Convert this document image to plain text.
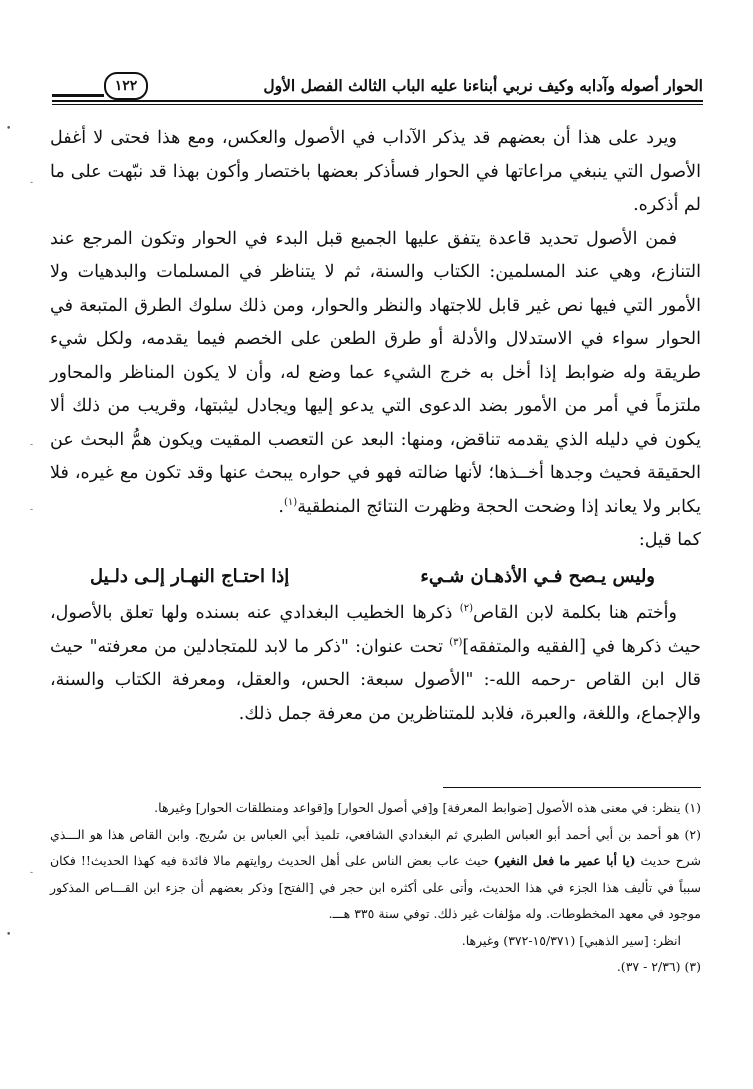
الحوار أصوله وآدابه وكيف نربي أبناءنا عليه الباب الثالث الفصل الأول
١٢٢

ويرد على هذا أن بعضهم قد يذكر الآداب في الأصول والعكس، ومع هذا فحتى لا أغفل الأصول التي ينبغي مراعاتها في الحوار فسأذكر بعضها باختصار وأكون بهذا قد نبّهت على ما لم أذكره.

فمن الأصول تحديد قاعدة يتفق عليها الجميع قبل البدء في الحوار وتكون المرجع عند التنازع، وهي عند المسلمين: الكتاب والسنة، ثم لا يتناظر في المسلمات والبدهيات ولا الأمور التي فيها نص غير قابل للاجتهاد والنظر والحوار، ومن ذلك سلوك الطرق المتبعة في الحوار سواء في الاستدلال والأدلة أو طرق الطعن على الخصم فيما يقدمه، ولكل شيء طريقة وله ضوابط إذا أخل به خرج الشيء عما وضع له، وأن لا يكون المناظر والمحاور ملتزماً في أمر من الأمور بضد الدعوى التي يدعو إليها ويجادل ليثبتها، وقريب من ذلك ألا يكون في دليله الذي يقدمه تناقض، ومنها: البعد عن التعصب المقيت ويكون همُّ البحث عن الحقيقة فحيث وجدها أخــذها؛ لأنها ضالته فهو في حواره يبحث عنها وقد تكون مع غيره، فلا يكابر ولا يعاند إذا وضحت الحجة وظهرت النتائج المنطقية$^{(١)}$.

كما قيل:

وليس يـصح فـي الأذهـان شـيء
إذا احتـاج النهـار إلـى دلـيل

وأختم هنا بكلمة لابن القاص$^{(٢)}$ ذكرها الخطيب البغدادي عنه بسنده ولها تعلق بالأصول، حيث ذكرها في [الفقيه والمتفقه]$^{(٣)}$ تحت عنوان: "ذكر ما لابد للمتجادلين من معرفته" حيث قال ابن القاص -رحمه الله-: "الأصول سبعة: الحس، والعقل، ومعرفة الكتاب والسنة، والإجماع، واللغة، والعبرة، فلابد للمتناظرين من معرفة جمل ذلك.

(١) ينظر: في معنى هذه الأصول [ضوابط المعرفة] و[في أصول الحوار] و[قواعد ومنطلقات الحوار] وغيرها.

(٢) هو أحمد بن أبي أحمد أبو العباس الطبري ثم البغدادي الشافعي، تلميذ أبي العباس بن سُريج. وابن القاص هذا هو الـــذي شرح حديث (يا أبا عمير ما فعل النغير) حيث عاب بعض الناس على أهل الحديث روايتهم مالا فائدة فيه كهذا الحديث!! فكان سبباً في تأليف هذا الجزء في هذا الحديث، وأتى على أكثره ابن حجر في [الفتح] وذكر بعضهم أن جزء ابن القـــاص المذكور موجود في معهد المخطوطات. وله مؤلفات غير ذلك. توفي سنة ٣٣٥ هـــ.

انظر: [سير الذهبي] (١٥/٣٧١-٣٧٢) وغيرها.

(٣) (٢/٣٦ - ٣٧).

•
-
-
-
-
•
